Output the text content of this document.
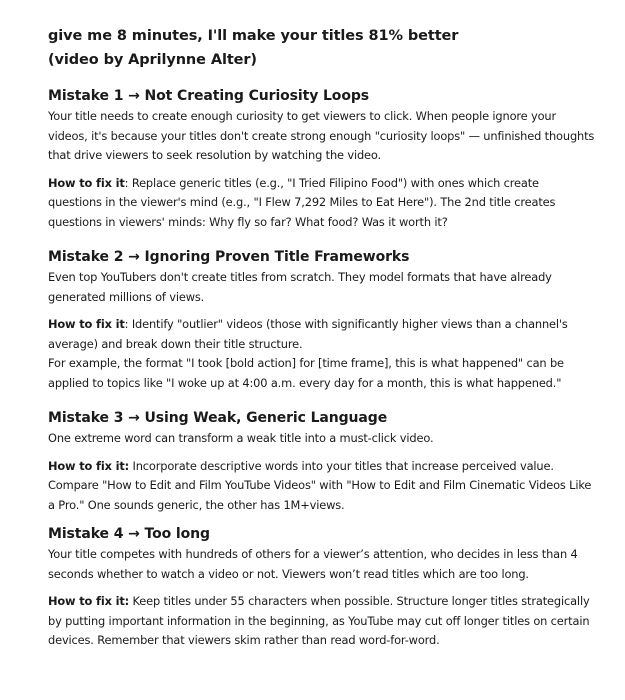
give me 8 minutes, I'll make your titles 81% better
(video by Aprilynne Alter)
Mistake 1 → Not Creating Curiosity Loops

Your title needs to create enough curiosity to get viewers to click. When people ignore your videos, it's because your titles don't create strong enough "curiosity loops" — unfinished thoughts that drive viewers to seek resolution by watching the video.

How to fix it: Replace generic titles (e.g., "I Tried Filipino Food") with ones which create questions in the viewer's mind (e.g., "I Flew 7,292 Miles to Eat Here"). The 2nd title creates questions in viewers' minds: Why fly so far? What food? Was it worth it?

Mistake 2 → Ignoring Proven Title Frameworks

Even top YouTubers don't create titles from scratch. They model formats that have already generated millions of views.

How to fix it: Identify "outlier" videos (those with significantly higher views than a channel's average) and break down their title structure.

For example, the format "I took [bold action] for [time frame], this is what happened" can be applied to topics like "I woke up at 4:00 a.m. every day for a month, this is what happened."

Mistake 3 → Using Weak, Generic Language

One extreme word can transform a weak title into a must-click video.

How to fix it: Incorporate descriptive words into your titles that increase perceived value. Compare "How to Edit and Film YouTube Videos" with "How to Edit and Film Cinematic Videos Like a Pro." One sounds generic, the other has 1M+views.

Mistake 4 → Too long

Your title competes with hundreds of others for a viewer’s attention, who decides in less than 4 seconds whether to watch a video or not. Viewers won’t read titles which are too long.

How to fix it: Keep titles under 55 characters when possible. Structure longer titles strategically by putting important information in the beginning, as YouTube may cut off longer titles on certain devices. Remember that viewers skim rather than read word-for-word.
